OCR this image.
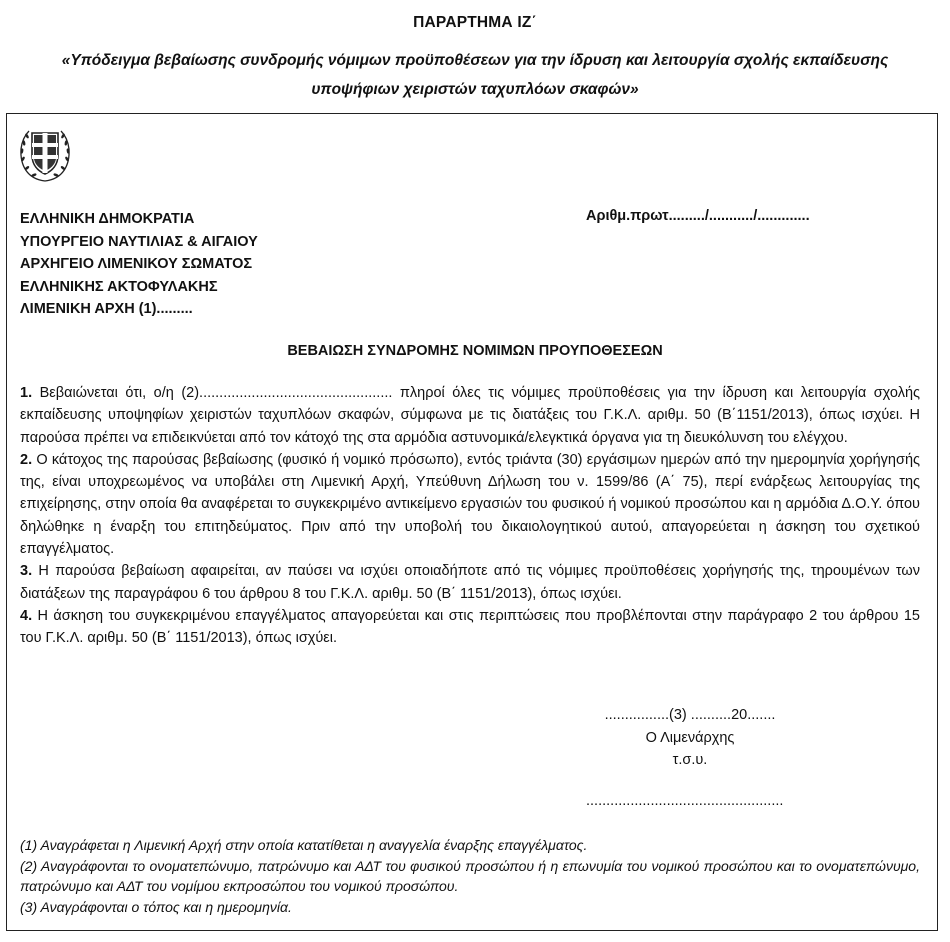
ΠΑΡΑΡΤΗΜΑ ΙΖ΄
«Υπόδειγμα βεβαίωσης συνδρομής νόμιμων προϋποθέσεων για την ίδρυση και λειτουργία σχολής εκπαίδευσης
υποψήφιων χειριστών ταχυπλόων σκαφών»
ΕΛΛΗΝΙΚΗ ΔΗΜΟΚΡΑΤΙΑ
ΥΠΟΥΡΓΕΙΟ ΝΑΥΤΙΛΙΑΣ & ΑΙΓΑΙΟΥ
ΑΡΧΗΓΕΙΟ ΛΙΜΕΝΙΚΟΥ ΣΩΜΑΤΟΣ
ΕΛΛΗΝΙΚΗΣ ΑΚΤΟΦΥΛΑΚΗΣ
ΛΙΜΕΝΙΚΗ ΑΡΧΗ (1).........
Αριθμ.πρωτ........./.........../.............
ΒΕΒΑΙΩΣΗ ΣΥΝΔΡΟΜΗΣ ΝΟΜΙΜΩΝ ΠΡΟΥΠΟΘΕΣΕΩΝ
1. Βεβαιώνεται ότι, ο/η (2)................................................ πληροί όλες τις νόμιμες προϋποθέσεις για την ίδρυση και λειτουργία σχολής εκπαίδευσης υποψηφίων χειριστών ταχυπλόων σκαφών, σύμφωνα με τις διατάξεις του Γ.Κ.Λ. αριθμ. 50 (Β΄1151/2013), όπως ισχύει. Η παρούσα πρέπει να επιδεικνύεται από τον κάτοχό της στα αρμόδια αστυνομικά/ελεγκτικά όργανα για τη διευκόλυνση του ελέγχου.
2. Ο κάτοχος της παρούσας βεβαίωσης (φυσικό ή νομικό πρόσωπο), εντός τριάντα (30) εργάσιμων ημερών από την ημερομηνία χορήγησής της, είναι υποχρεωμένος να υποβάλει στη Λιμενική Αρχή, Υπεύθυνη Δήλωση του ν. 1599/86 (Α΄ 75), περί ενάρξεως λειτουργίας της επιχείρησης, στην οποία θα αναφέρεται το συγκεκριμένο αντικείμενο εργασιών του φυσικού ή νομικού προσώπου και η αρμόδια Δ.Ο.Υ. όπου δηλώθηκε η έναρξη του επιτηδεύματος. Πριν από την υποβολή του δικαιολογητικού αυτού, απαγορεύεται η άσκηση του σχετικού επαγγέλματος.
3. Η παρούσα βεβαίωση αφαιρείται, αν παύσει να ισχύει οποιαδήποτε από τις νόμιμες προϋποθέσεις χορήγησής της, τηρουμένων των διατάξεων της παραγράφου 6 του άρθρου 8 του Γ.Κ.Λ. αριθμ. 50 (Β΄ 1151/2013), όπως ισχύει.
4. Η άσκηση του συγκεκριμένου επαγγέλματος απαγορεύεται και στις περιπτώσεις που προβλέπονται στην παράγραφο 2 του άρθρου 15 του Γ.Κ.Λ. αριθμ. 50 (Β΄ 1151/2013), όπως ισχύει.
................(3) ..........20.......
Ο Λιμενάρχης
τ.σ.υ.
.................................................
(1) Αναγράφεται η Λιμενική Αρχή στην οποία κατατίθεται η αναγγελία έναρξης επαγγέλματος.
(2) Αναγράφονται το ονοματεπώνυμο, πατρώνυμο και ΑΔΤ του φυσικού προσώπου ή η επωνυμία του νομικού προσώπου και το ονοματεπώνυμο, πατρώνυμο και ΑΔΤ του νομίμου εκπροσώπου του νομικού προσώπου.
(3) Αναγράφονται ο τόπος και η ημερομηνία.
